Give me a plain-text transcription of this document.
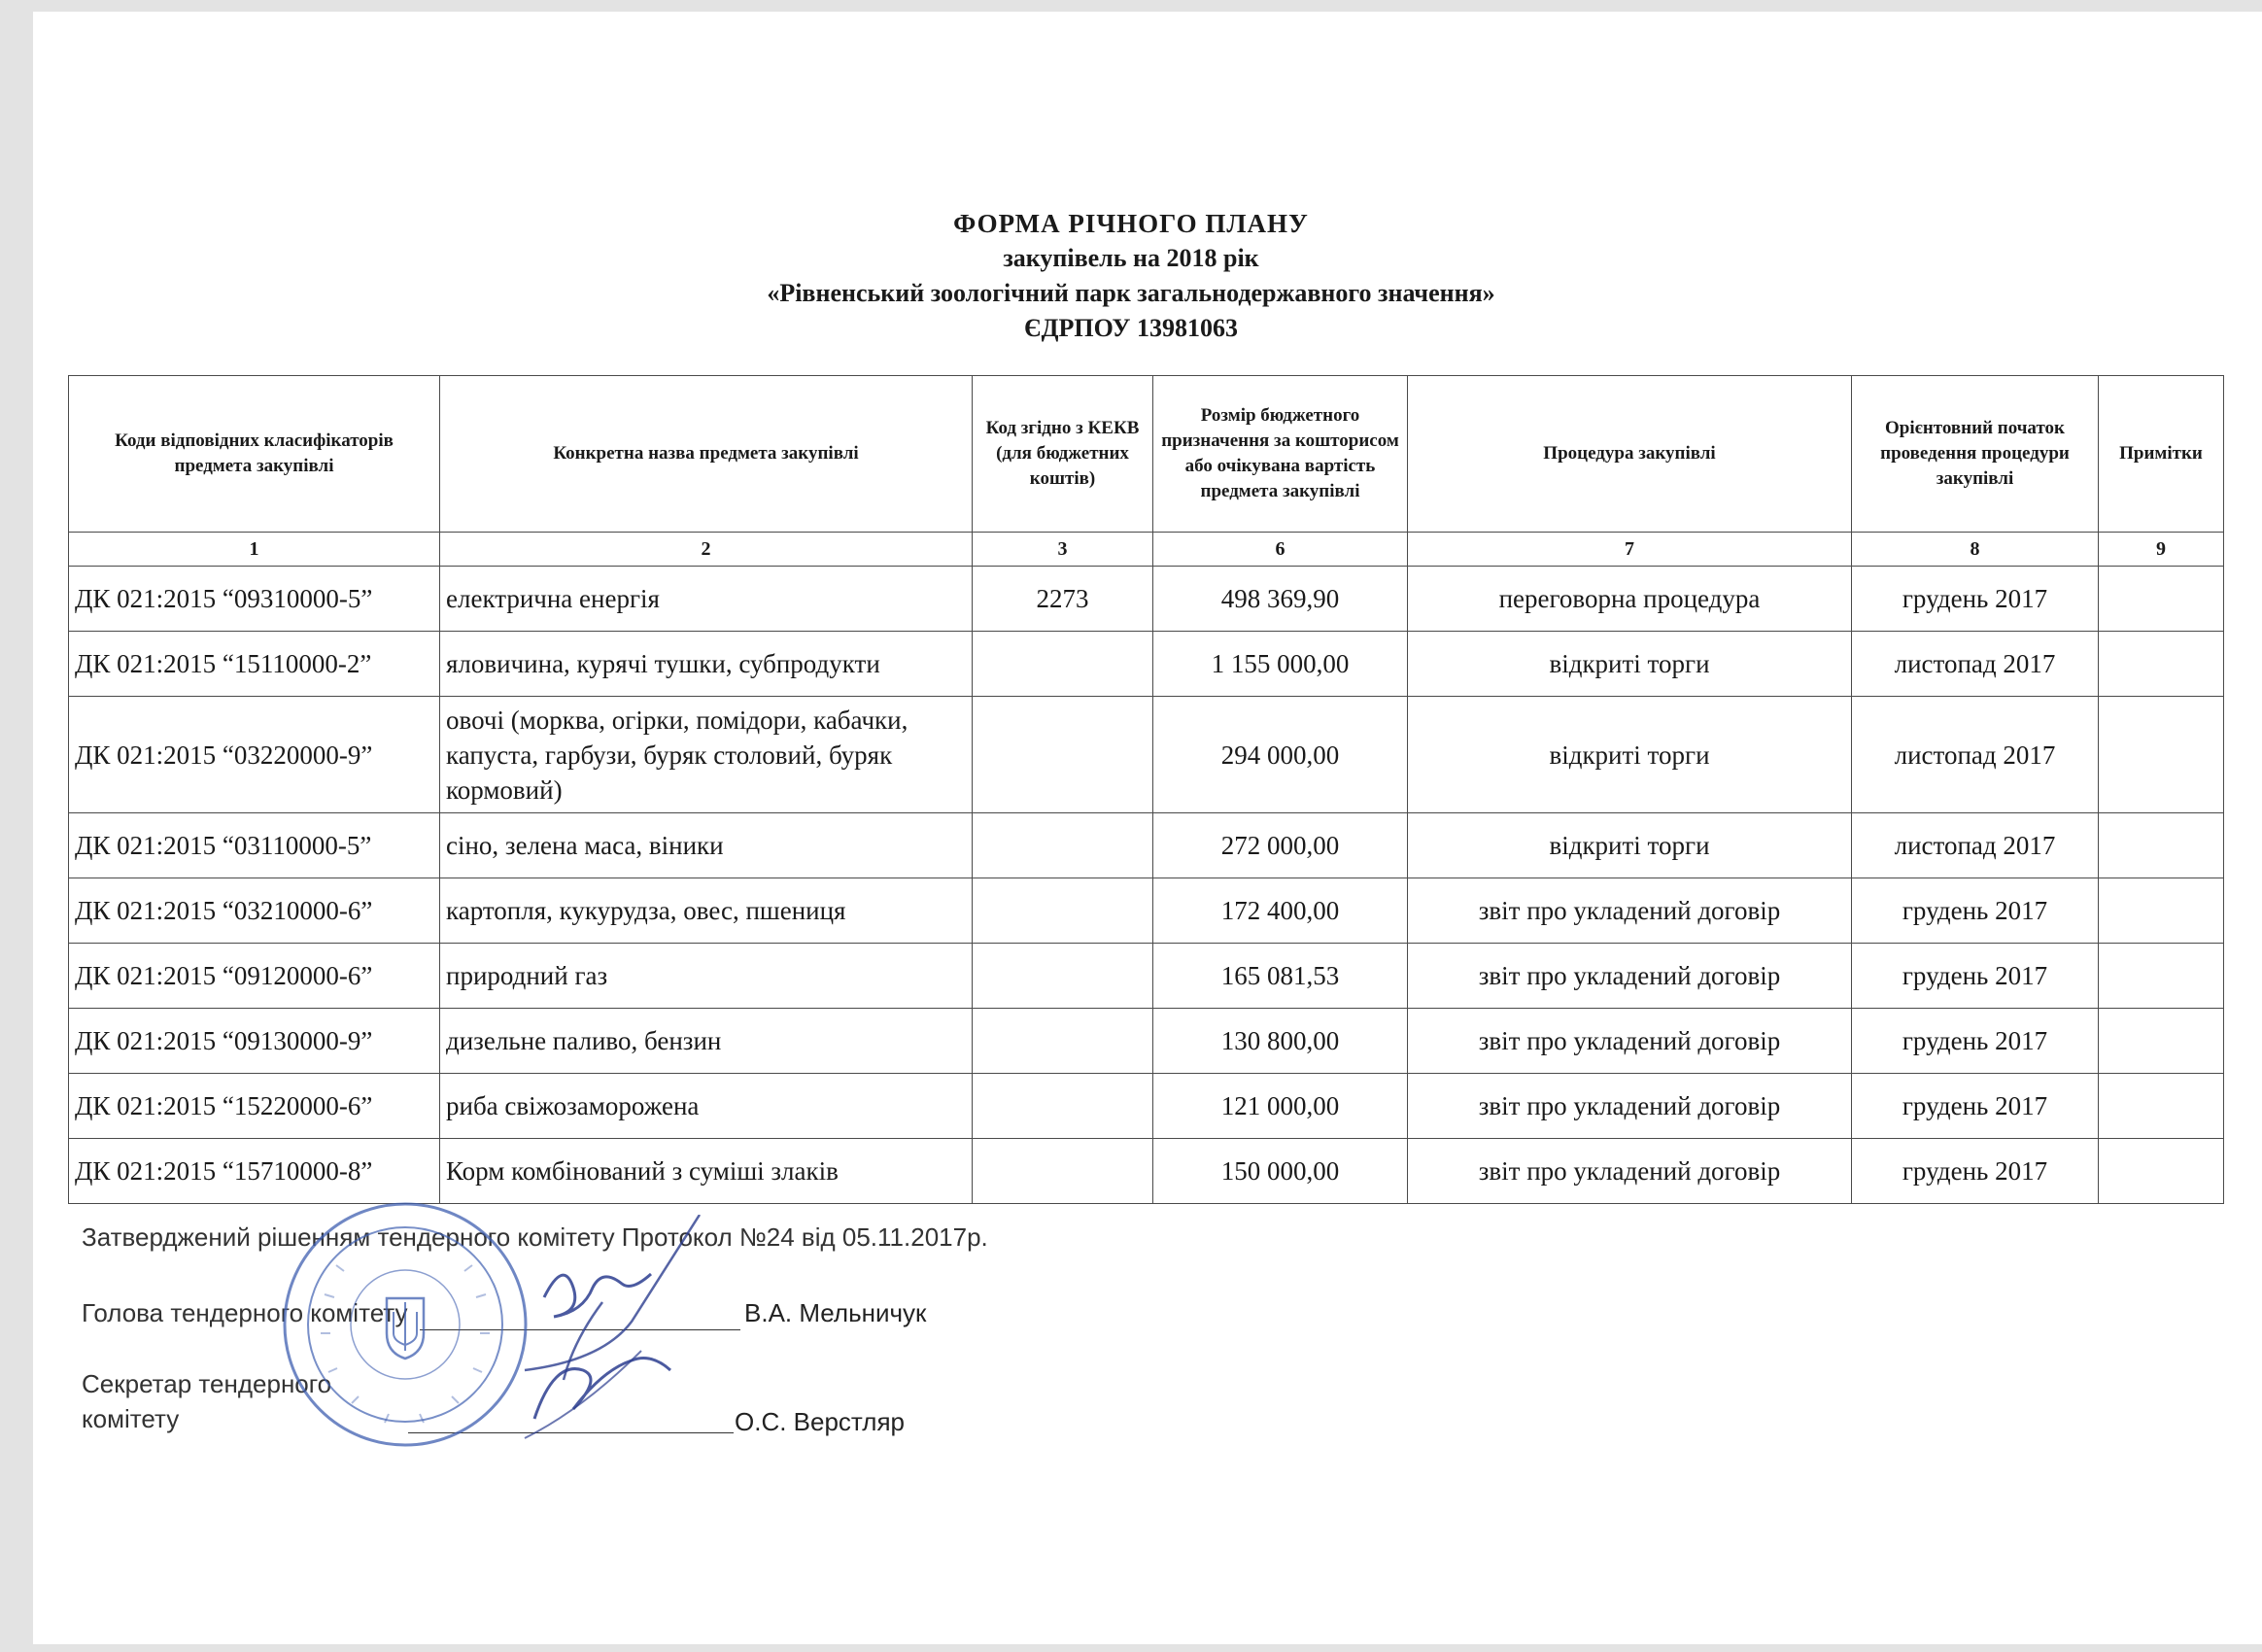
ФОРМА РІЧНОГО ПЛАНУ
закупівель на 2018 рік
«Рівненський зоологічний парк загальнодержавного значення»
ЄДРПОУ 13981063
Коди відповідних класифікаторів предмета закупівлі	Конкретна назва предмета закупівлі	Код згідно з КЕКВ (для бюджетних коштів)	Розмір бюджетного призначення за кошторисом або очікувана вартість предмета закупівлі	Процедура закупівлі	Орієнтовний початок проведення процедури закупівлі	Примітки
1	2	3	6	7	8	9
ДК 021:2015 “09310000-5”	електрична енергія	2273	498 369,90	переговорна процедура	грудень 2017	
ДК 021:2015 “15110000-2”	яловичина, курячі тушки, субпродукти		1 155 000,00	відкриті торги	листопад 2017	
ДК 021:2015 “03220000-9”	овочі (морква, огірки, помідори, кабачки, капуста, гарбузи, буряк столовий, буряк кормовий)		294 000,00	відкриті торги	листопад 2017	
ДК 021:2015 “03110000-5”	сіно, зелена маса, віники		272 000,00	відкриті торги	листопад 2017	
ДК 021:2015 “03210000-6”	картопля, кукурудза, овес, пшениця		172 400,00	звіт про укладений договір	грудень 2017	
ДК 021:2015 “09120000-6”	природний газ		165 081,53	звіт про укладений договір	грудень 2017	
ДК 021:2015 “09130000-9”	дизельне паливо, бензин		130 800,00	звіт про укладений договір	грудень 2017	
ДК 021:2015 “15220000-6”	риба свіжозаморожена		121 000,00	звіт про укладений договір	грудень 2017	
ДК 021:2015 “15710000-8”	Корм комбінований з суміші злаків		150 000,00	звіт про укладений договір	грудень 2017	
Затверджений рішенням тендерного комітету Протокол №24 від 05.11.2017р.
Голова тендерного комітету	В.А. Мельничук
Секретар тендерного
комітету	О.С. Верстляр
